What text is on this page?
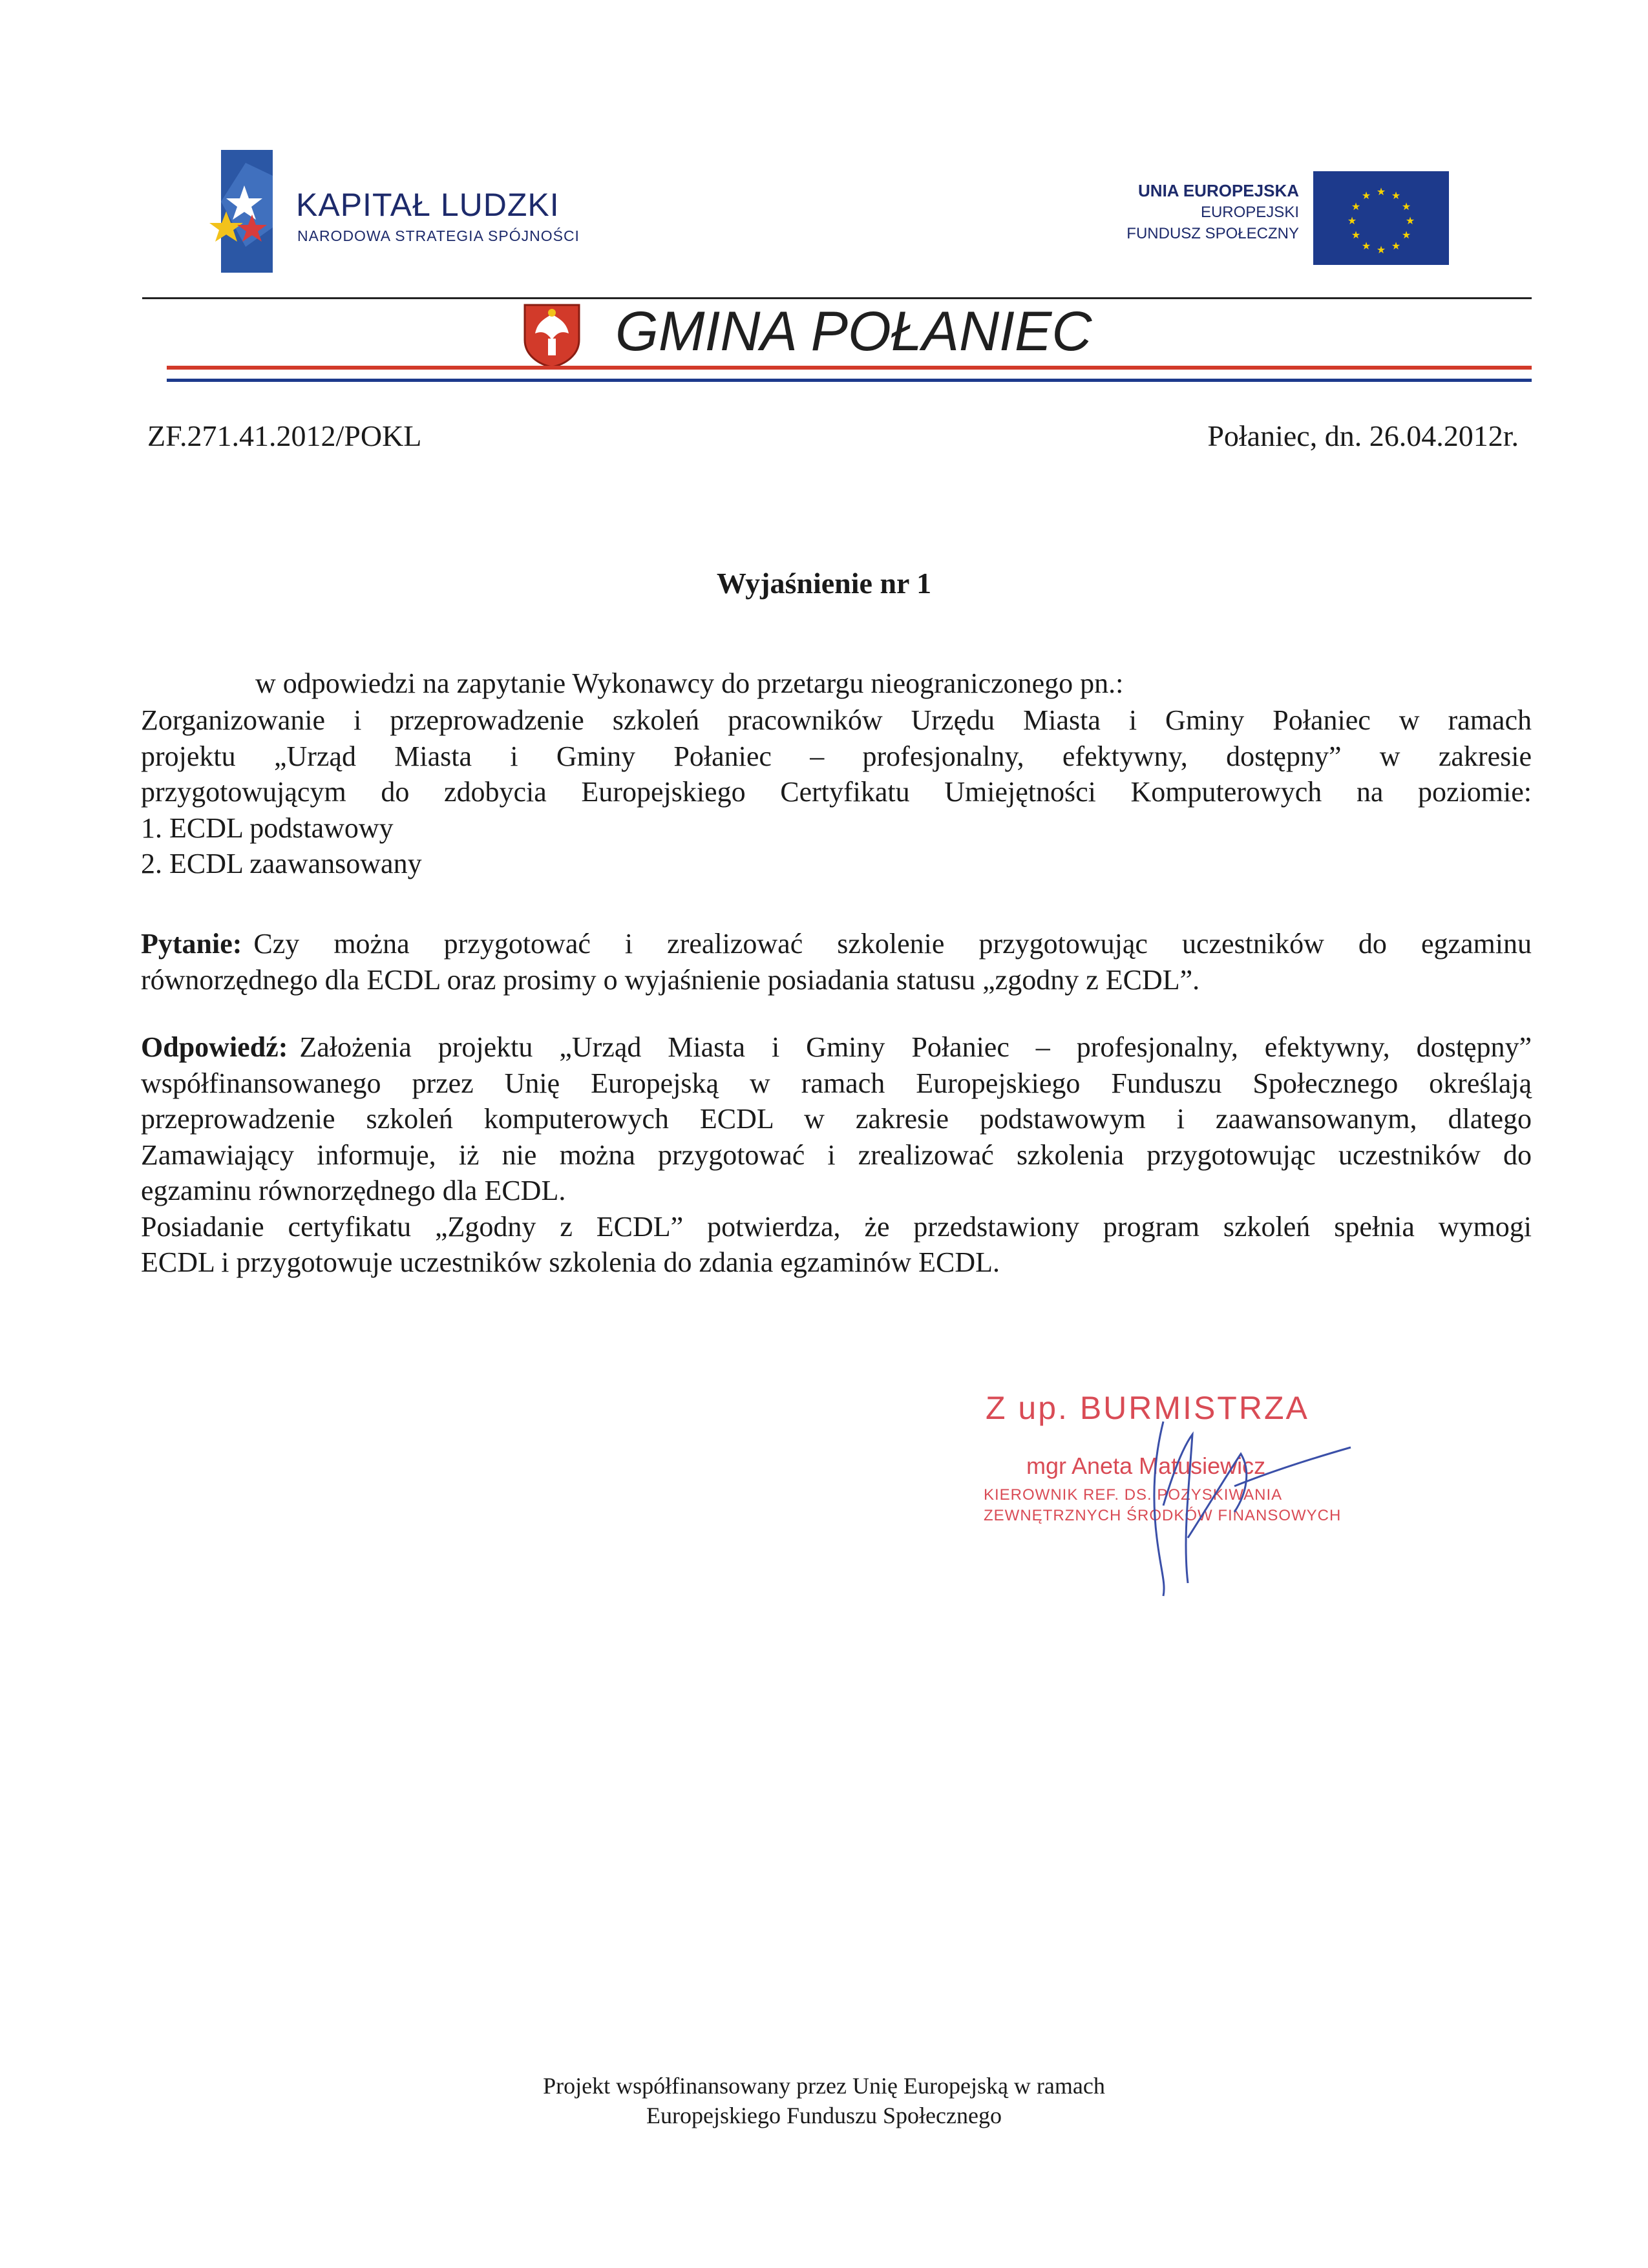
KAPITAŁ LUDZKI
NARODOWA STRATEGIA SPÓJNOŚCI
UNIA EUROPEJSKA
EUROPEJSKI
FUNDUSZ SPOŁECZNY
★ ★
★
★
★
★
★
★
★
★
★
★
GMINA POŁANIEC
ZF.271.41.2012/POKL	Połaniec, dn. 26.04.2012r.
Wyjaśnienie nr 1
w odpowiedzi na zapytanie Wykonawcy do przetargu nieograniczonego pn.:
Zorganizowanie i przeprowadzenie szkoleń pracowników Urzędu Miasta i Gminy Połaniec w ramach
projektu „Urząd Miasta i Gminy Połaniec – profesjonalny, efektywny, dostępny” w zakresie
przygotowującym do zdobycia Europejskiego Certyfikatu Umiejętności Komputerowych na poziomie:
1. ECDL podstawowy
2. ECDL zaawansowany
Pytanie: Czy można przygotować i zrealizować szkolenie przygotowując uczestników do egzaminu
równorzędnego dla ECDL oraz prosimy o wyjaśnienie posiadania statusu „zgodny z ECDL”.
Odpowiedź: Założenia projektu „Urząd Miasta i Gminy Połaniec – profesjonalny, efektywny, dostępny”
współfinansowanego przez Unię Europejską w ramach Europejskiego Funduszu Społecznego określają
przeprowadzenie szkoleń komputerowych ECDL w zakresie podstawowym i zaawansowanym, dlatego
Zamawiający informuje, iż nie można przygotować i zrealizować szkolenia przygotowując uczestników do
egzaminu równorzędnego dla ECDL.
Posiadanie certyfikatu „Zgodny z ECDL” potwierdza, że przedstawiony program szkoleń spełnia wymogi
ECDL i przygotowuje uczestników szkolenia do zdania egzaminów ECDL.
Z up. BURMISTRZA
mgr Aneta Matusiewicz
KIEROWNIK REF. DS. POZYSKIWANIA
ZEWNĘTRZNYCH ŚRODKÓW FINANSOWYCH
Projekt współfinansowany przez Unię Europejską w ramach
Europejskiego Funduszu Społecznego
